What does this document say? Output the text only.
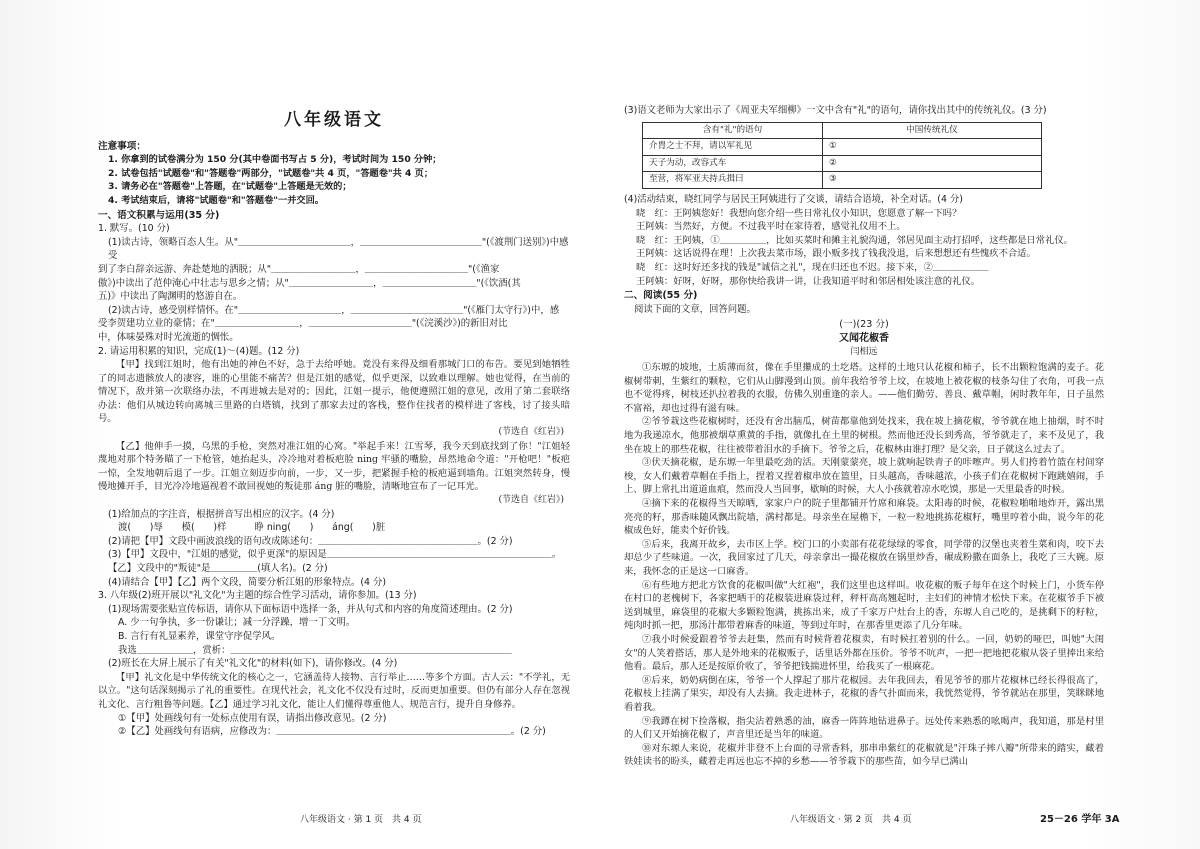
八年级语文
注意事项：
1. 你拿到的试卷满分为 150 分(其中卷面书写占 5 分)，考试时间为 150 分钟；
2. 试卷包括"试题卷"和"答题卷"两部分，"试题卷"共 4 页，"答题卷"共 4 页；
3. 请务必在"答题卷"上答题，在"试题卷"上答题是无效的；
4. 考试结束后，请将"试题卷"和"答题卷"一并交回。
一、语文积累与运用(35 分)
1. 默写。(10 分)
(1)读古诗，领略百态人生。从"＿＿＿＿＿＿＿＿＿＿＿＿，＿＿＿＿＿＿＿＿＿＿＿＿＿"(《渡荆门送别》)中感受
到了李白辞亲远游、奔赴楚地的洒脱；从"＿＿＿＿＿＿＿＿＿，＿＿＿＿＿＿＿＿＿＿＿"(《渔家
傲》)中读出了范仲淹心中壮志与思乡之情；从"＿＿＿＿＿＿＿＿＿，＿＿＿＿＿＿＿＿＿＿"(《饮酒(其
五)》中读出了陶渊明的悠游自在。
(2)读古诗，感受别样情怀。在"＿＿＿＿＿＿＿＿＿＿＿，＿＿＿＿＿＿＿＿＿＿＿＿"(《雁门太守行》)中，感
受李贺建功立业的豪情；在"＿＿＿＿＿＿＿＿＿，＿＿＿＿＿＿＿＿＿＿＿"(《浣溪沙》)的新旧对比
中，体味晏殊对时光流逝的惆怅。
2. 请运用积累的知识，完成(1)～(4)题。(12 分)
【甲】找到江姐时，他有出她的神色不好，急于去给呼她。竟没有来得及细看那城门口的布告。要见到她牺牲了的同志遗骸放人的凄容，谁的心里能不痛苦？但是江姐的感觉，似乎更深，以致难以理解。她也觉得，在当前的情况下，敌并第一次联络办法，不再进城去是对的；因此，江姐一提示，他便遵照江姐的意见，改用了第二套联络办法：他们从城边转向离城三里路的白塔镇，找到了那家去过的客栈，整作住找者的模样进了客栈，讨了接头暗号。
(节选自《红岩》)
【乙】他伸手一摸，乌黑的手枪，突然对准江姐的心窝。"举起手来！江雪琴，我今天到底找到了你！"江姐轻蔑地对那个特务瞄了一下枪管，她抬起头，冷冷地对着板疤脸 ning 牢骚的嘴脸，昂然地命令道："开枪吧！"板疤一惊，全发地朝后退了一步。江姐立刻迈步向前，一步，又一步，把紧握手枪的板疤逼到墙角。江姐突然转身，慢慢地摊开手，目光冷冷地逼视着不敢回视她的叛徒那 áng 脏的嘴脸，清晰地宣布了一记耳光。
(节选自《红岩》)
(1)给加点的字注音，根据拼音写出相应的汉字。(4 分)
渡(　　)辱　　模(　　)样　　　睁 ning(　　)　　áng(　　)脏
(2)请把【甲】文段中画波浪线的语句改成陈述句：＿＿＿＿＿＿＿＿＿＿＿＿＿＿＿＿＿。(2 分)
(3)【甲】文段中，"江姐的感觉，似乎更深"的原因是＿＿＿＿＿＿＿＿＿＿＿＿＿＿＿＿＿＿＿＿＿＿＿＿。
【乙】文段中的"叛徒"是＿＿＿＿＿(填人名)。(2 分)
(4)请结合【甲】【乙】两个文段，简要分析江姐的形象特点。(4 分)
3. 八年级(2)班开展以"礼文化"为主题的综合性学习活动，请你参加。(13 分)
(1)现场需要张贴宣传标语，请你从下面标语中选择一条，并从句式和内容的角度简述理由。(2 分)
A. 少一句争执，多一份谦让；减一分浮躁，增一丁文明。
B. 言行有礼显素养，课堂守序促学风。
我选＿＿＿＿＿＿，赏析：＿＿＿＿＿＿＿＿＿＿＿＿＿＿＿＿＿＿＿＿＿＿＿＿＿＿＿＿＿＿
(2)班长在大屏上展示了有关"礼文化"的材料(如下)，请你修改。(4 分)
【甲】礼文化是中华传统文化的核心之一，它涵盖待人接物、言行举止……等多个方面。古人云："不学礼，无以立。"这句话深刻揭示了礼的重要性。在现代社会，礼文化不仅没有过时，反而更加重要。但仍有部分人存在忽视礼文化、言行粗鲁等问题。【乙】通过学习礼文化，能让人们懂得尊重他人、规范言行，提升自身修养。
①【甲】处画线句有一处标点使用有误，请指出修改意见。(2 分)
②【乙】处画线句有语病，应修改为：＿＿＿＿＿＿＿＿＿＿＿＿＿＿＿＿＿＿＿＿＿＿＿＿＿。(2 分)
(3)语文老师为大家出示了《周亚夫军细柳》一文中含有"礼"的语句，请你找出其中的传统礼仪。(3 分)
含有"礼"的语句	中国传统礼仪
介胄之士不拜，请以军礼见	①
天子为动，改容式车	②
至营，将军亚夫持兵揖曰	③
(4)活动结束，晓红同学与居民王阿姨进行了交谈，请结合语境，补全对话。(4 分)
晓　红：王阿姨您好！我想向您介绍一些日常礼仪小知识，您愿意了解一下吗？
王阿姨：当然好，方便。不过我平时在家待着，感觉礼仪用不上。
晓　红：王阿姨，①＿＿＿＿＿，比如买菜时和摊主礼貌沟通，邻居见面主动打招呼，这些都是日常礼仪。
王阿姨：这话说得在理！上次我去菜市场，跟小贩多找了钱我没退，后来想想还有些愧疚不合适。
晓　红：这时好还多找的钱是"诚信之礼"，现在归还也不迟。接下来，②＿＿＿＿＿＿
王阿姨：好呀，好呀，那你快给我讲一讲，让我知道平时和邻居相处该注意的礼仪。
二、阅读(55 分)
阅读下面的文章，回答问题。
(一)(23 分)
又闻花椒香
闫相远
①东塬的坡地，土质薄而贫，像在手里攥成的土圪塔。这样的土地只认花椒和柿子，长不出颗粒饱满的麦子。花椒树带刺，生紫红的颗粒，它们从山脚漫到山顶。前年我给爷爷上坟，在坡地上被花椒的枝条勾住了衣角，可我一点也不觉得疼，树枝还扒拉着我的衣服，仿佛久别重逢的亲人。——他们勤劳、善良、戴草帽，闲时教年年，日子虽然不富裕，却也过得有滋有味。
②爷爷栽这些花椒树时，还没有舍出脑瓜，树苗都靠他到处找来，我在坡上摘花椒，爷爷就在地上抽烟，时不时地为我递凉水，他那被烟草熏黄的手指，就像扎在土里的树根。然而他还没长到秀高，爷爷就走了，来不及见了，我坐在坡上的那些花椒，往往被带着泪水的手摘下。爷爷之后，花椒林由谁打理？是父亲，日子就这么过去了。
③伏天摘花椒，是东塬一年里最吃劲的活。天刚蒙蒙亮，坡上就响起铁青子的咔嚓声。男人们挎着竹篮在村间穿梭，女人们戴着草帽在手指上，捏着又捏着椒串放在篮里，日头越高，香味越浓，小孩子们在花椒树下跑跳嬉闹，手上、脚上常扎出道道血痕，然而没人当回事，歇晌的时候，大人小孩就着凉水吃馍，那是一天里最香的时候。
④摘下来的花椒得当天晾晒，家家户户的院子里都铺开竹席和麻袋。太阳毒的时候，花椒粒啪啪地炸开，露出黑亮亮的籽，那香味随风飘出院墙，满村都是。母亲坐在屋檐下，一粒一粒地挑拣花椒籽，嘴里哼着小曲，说今年的花椒成色好，能卖个好价钱。
⑤后来，我离开故乡，去市区上学。校门口的小卖部有花花绿绿的零食，同学带的汉堡也夹着生菜和肉，咬下去却总少了些味道。一次，我回家过了几天，母亲拿出一撮花椒放在锅里炒香，碾成粉撒在面条上，我吃了三大碗。原来，我怀念的正是这一口麻香。
⑥有些地方把北方饮食的花椒叫做"大红袍"，我们这里也这样叫。收花椒的贩子每年在这个时候上门，小货车停在村口的老槐树下，各家把晒干的花椒装进麻袋过秤，秤杆高高翘起时，主妇们的神情才松快下来。在花椒爷手下被送到城里，麻袋里的花椒大多颗粒饱满，挑拣出来，成了千家万户灶台上的香，东塬人自己吃的，是挑剩下的籽粒，炖肉时抓一把，那汤汁都带着麻香的味道，等到过年时，在那香里更添了几分年味。
⑦我小时候爱跟着爷爷去赶集，然而有时候背着花椒卖，有时候扛着别的什么。一回，奶奶的哑巴，叫她"大闺女"的人笑着搭话，那人是外地来的花椒贩子，话里话外都在压价。爷爷不吭声，一把一把地把花椒从袋子里捧出来给他看。最后，那人还是按原价收了，爷爷把钱揣进怀里，给我买了一根麻花。
⑧后来，奶奶病倒在床，爷爷一个人撑起了那片花椒园。去年我回去，看见爷爷的那片花椒林已经长得很高了，花椒枝上挂满了果实，却没有人去摘。我走进林子，花椒的香气扑面而来，我恍然觉得，爷爷就站在那里，笑眯眯地看着我。
⑨我蹲在树下捡落椒，指尖沾着熟悉的油，麻香一阵阵地钻进鼻子。远处传来熟悉的吆喝声，我知道，那是村里的人们又开始摘花椒了，声音里还是当年的味道。
⑩对东塬人来说，花椒并非登不上台面的寻常香料，那串串紫红的花椒就是"汗珠子摔八瓣"所带来的踏实，藏着铁娃读书的盼头，藏着走再远也忘不掉的乡愁——爷爷栽下的那些苗，如今早已满山
八年级语文 · 第 1 页　共 4 页	八年级语文 · 第 2 页　共 4 页	25－26 学年 3A
